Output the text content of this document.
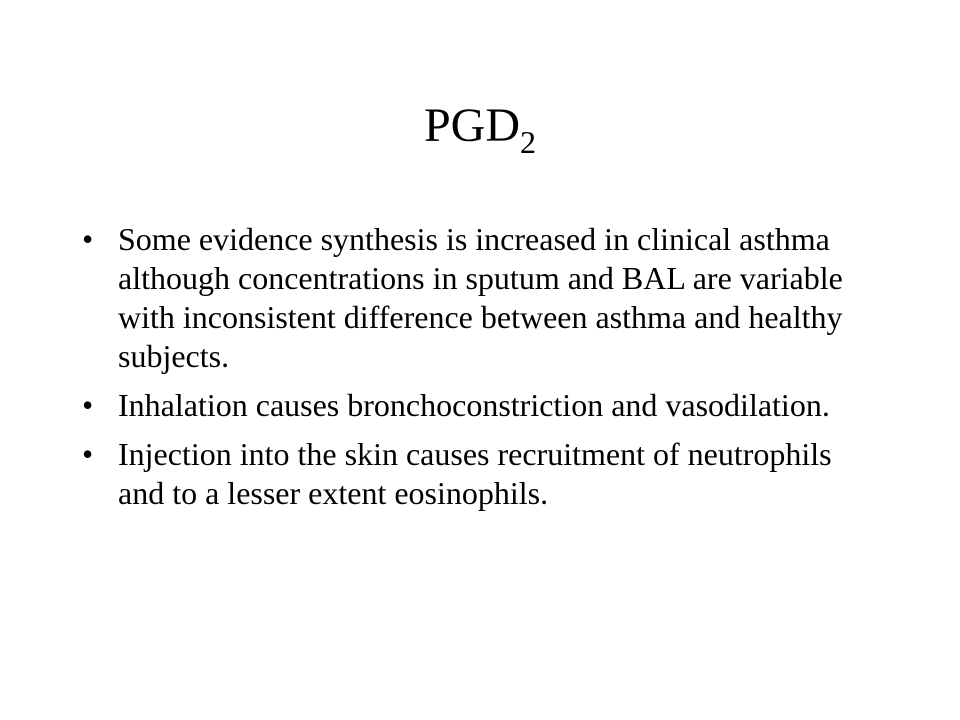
$PGD_2$
• Some evidence synthesis is increased in clinical asthma although concentrations in sputum and BAL are variable with inconsistent difference between asthma and healthy subjects.
• Inhalation causes bronchoconstriction and vasodilation.
• Injection into the skin causes recruitment of neutrophils and to a lesser extent eosinophils.
